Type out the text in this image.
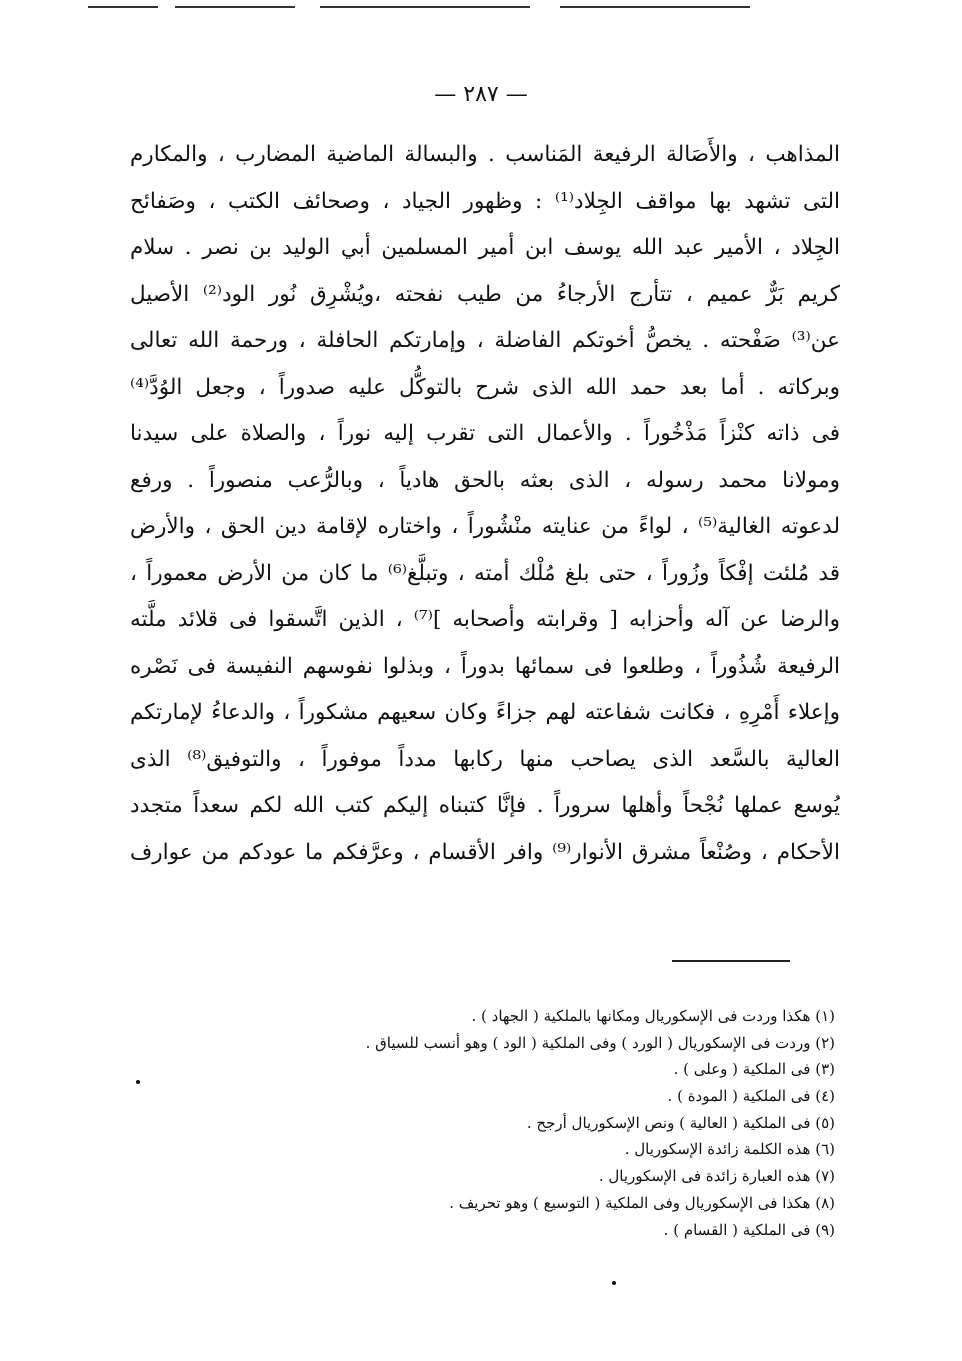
— ٢٨٧ —
المذاهب ، والأَصَالة الرفيعة المَناسب . والبسالة الماضية المضارب ، والمكارم
التى تشهد بها مواقف الجِلاد⁽¹⁾ : وظهور الجياد ، وصحائف الكتب ، وصَفائح
الجِلاد ، الأمير عبد الله يوسف ابن أمير المسلمين أبي الوليد بن نصر . سلام
كريم بَرٌّ عميم ، تتأرج الأرجاءُ من طيب نفحته ،ويُشْرِق نُور الود⁽²⁾ الأصيل
عن⁽³⁾ صَفْحته . يخصُّ أخوتكم الفاضلة ، وإمارتكم الحافلة ، ورحمة الله تعالى
وبركاته . أما بعد حمد الله الذى شرح بالتوكُّل عليه صدوراً ، وجعل الوُدَّ⁽⁴⁾
فى ذاته كنْزاً مَذْخُوراً . والأعمال التى تقرب إليه نوراً ، والصلاة على سيدنا
ومولانا محمد رسوله ، الذى بعثه بالحق هادياً ، وبالرُّعب منصوراً . ورفع
لدعوته الغالية⁽⁵⁾ ، لواءً من عنايته منْشُوراً ، واختاره لإقامة دين الحق ، والأرض
قد مُلئت إفْكاً وزُوراً ، حتى بلغ مُلْك أمته ، وتبلَّغ⁽⁶⁾ ما كان من الأرض معموراً ،
والرضا عن آله وأحزابه [ وقرابته وأصحابه ]⁽⁷⁾ ، الذين اتَّسقوا فى قلائد ملَّته
الرفيعة شُذُوراً ، وطلعوا فى سمائها بدوراً ، وبذلوا نفوسهم النفيسة فى نَصْره
وإعلاء أَمْرِهِ ، فكانت شفاعته لهم جزاءً وكان سعيهم مشكوراً ، والدعاءُ لإمارتكم
العالية بالسَّعد الذى يصاحب منها ركابها مدداً موفوراً ، والتوفيق⁽⁸⁾ الذى
يُوسع عملها نُجْحاً وأهلها سروراً . فإنَّا كتبناه إليكم كتب الله لكم سعداً متجدد
الأحكام ، وصُنْعاً مشرق الأنوار⁽⁹⁾ وافر الأقسام ، وعرَّفكم ما عودكم من عوارف
(١) هكذا وردت فى الإسكوريال ومكانها بالملكية ( الجهاد ) .
(٢) وردت فى الإسكوريال ( الورد ) وفى الملكية ( الود ) وهو أنسب للسياق .
(٣) فى الملكية ( وعلى ) .
(٤) فى الملكية ( المودة ) .
(٥) فى الملكية ( العالية ) ونص الإسكوريال أرجح .
(٦) هذه الكلمة زائدة الإسكوريال .
(٧) هذه العبارة زائدة فى الإسكوريال .
(٨) هكذا فى الإسكوريال وفى الملكية ( التوسيع ) وهو تحريف .
(٩) فى الملكية ( القسام ) .
